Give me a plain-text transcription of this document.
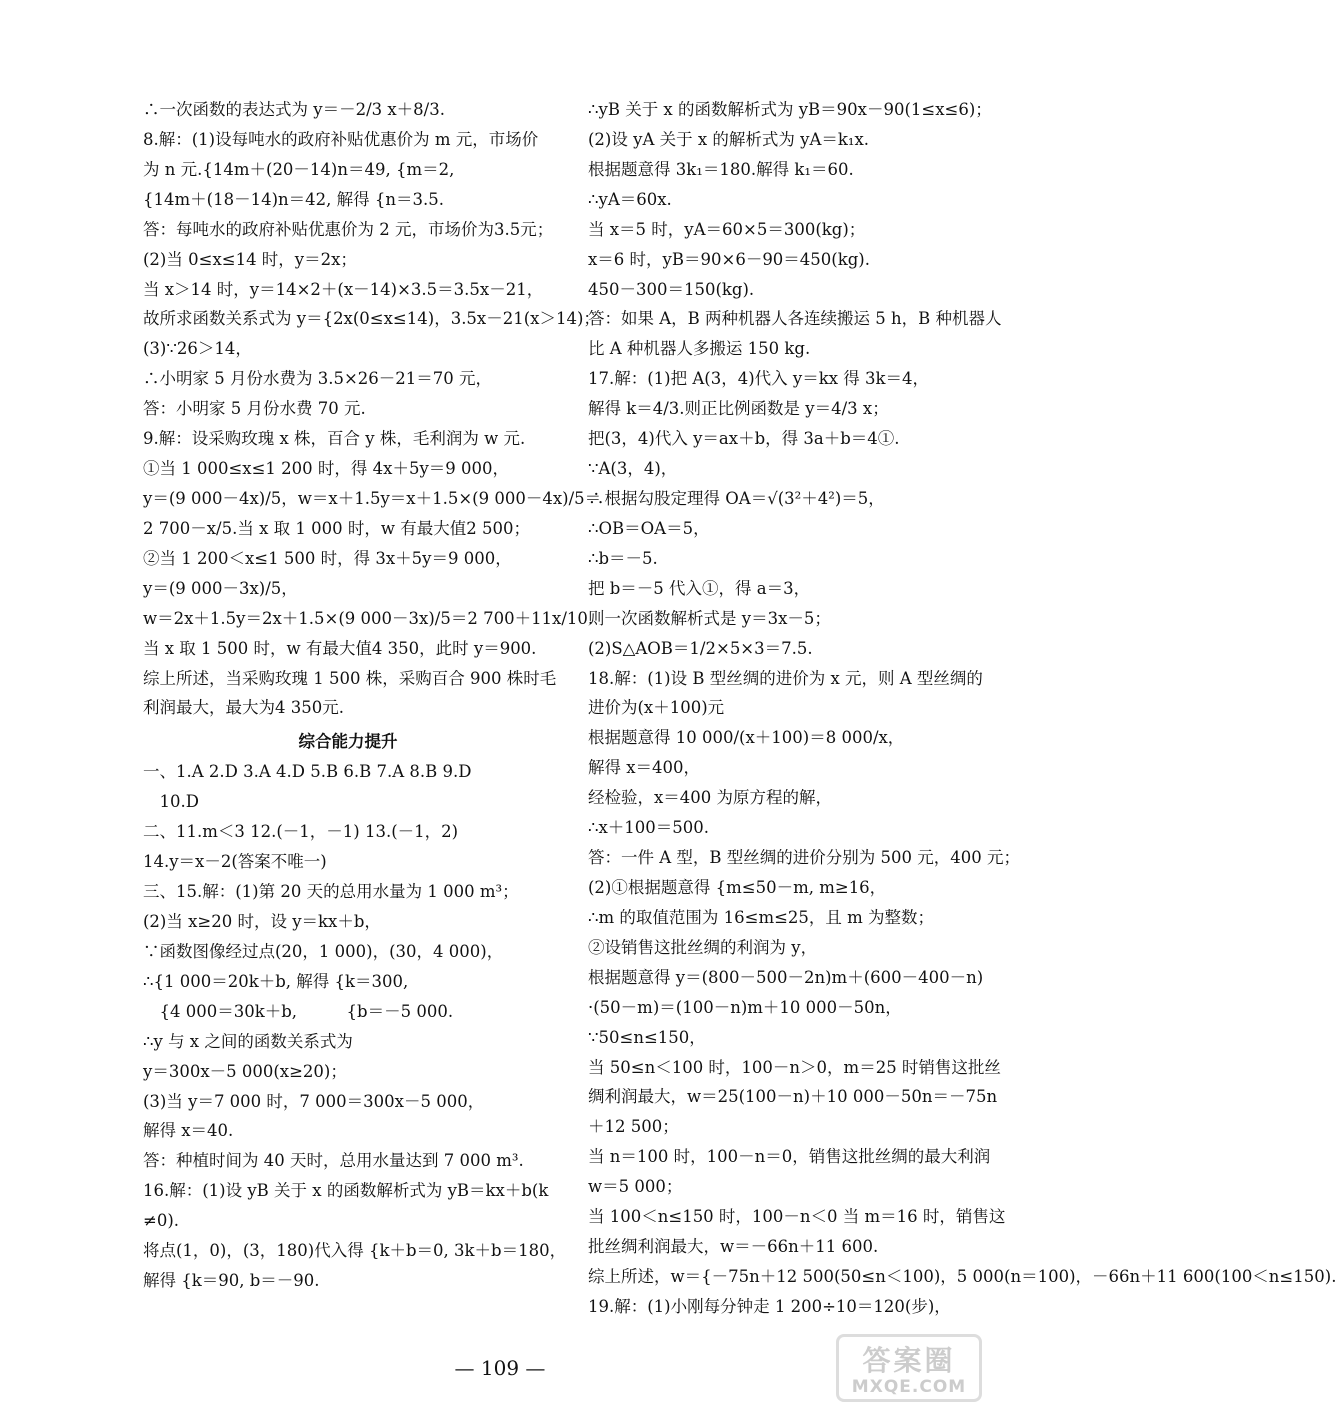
∴一次函数的表达式为 y＝－2/3 x＋8/3.
8.解：(1)设每吨水的政府补贴优惠价为 m 元，市场价
为 n 元.{14m＋(20－14)n＝49, {m＝2,
{14m＋(18－14)n＝42, 解得 {n＝3.5.
答：每吨水的政府补贴优惠价为 2 元，市场价为3.5元；
(2)当 0≤x≤14 时，y＝2x；
当 x＞14 时，y＝14×2＋(x－14)×3.5＝3.5x－21，
故所求函数关系式为 y＝{2x(0≤x≤14)，3.5x－21(x＞14)；
(3)∵26＞14，
∴小明家 5 月份水费为 3.5×26－21＝70 元，
答：小明家 5 月份水费 70 元.
9.解：设采购玫瑰 x 株，百合 y 株，毛利润为 w 元.
①当 1 000≤x≤1 200 时，得 4x＋5y＝9 000，
y＝(9 000－4x)/5，w＝x＋1.5y＝x＋1.5×(9 000－4x)/5＝
2 700－x/5.当 x 取 1 000 时，w 有最大值2 500；
②当 1 200＜x≤1 500 时，得 3x＋5y＝9 000，
y＝(9 000－3x)/5，
w＝2x＋1.5y＝2x＋1.5×(9 000－3x)/5＝2 700＋11x/10.
当 x 取 1 500 时，w 有最大值4 350，此时 y＝900.
综上所述，当采购玫瑰 1 500 株，采购百合 900 株时毛
利润最大，最大为4 350元.
综合能力提升
一、1.A 2.D 3.A 4.D 5.B 6.B 7.A 8.B 9.D
　10.D
二、11.m＜3 12.(－1，－1) 13.(－1，2)
14.y＝x－2(答案不唯一)
三、15.解：(1)第 20 天的总用水量为 1 000 m³；
(2)当 x≥20 时，设 y＝kx＋b，
∵函数图像经过点(20，1 000)，(30，4 000)，
∴{1 000＝20k＋b, 解得 {k＝300,
　{4 000＝30k＋b,　　　{b＝－5 000.
∴y 与 x 之间的函数关系式为
y＝300x－5 000(x≥20)；
(3)当 y＝7 000 时，7 000＝300x－5 000，
解得 x＝40.
答：种植时间为 40 天时，总用水量达到 7 000 m³.
16.解：(1)设 yB 关于 x 的函数解析式为 yB＝kx＋b(k
≠0).
将点(1，0)，(3，180)代入得 {k＋b＝0, 3k＋b＝180，
解得 {k＝90, b＝－90.
∴yB 关于 x 的函数解析式为 yB＝90x－90(1≤x≤6)；
(2)设 yA 关于 x 的解析式为 yA＝k₁x.
根据题意得 3k₁＝180.解得 k₁＝60.
∴yA＝60x.
当 x＝5 时，yA＝60×5＝300(kg)；
x＝6 时，yB＝90×6－90＝450(kg).
450－300＝150(kg).
答：如果 A，B 两种机器人各连续搬运 5 h，B 种机器人
比 A 种机器人多搬运 150 kg.
17.解：(1)把 A(3，4)代入 y＝kx 得 3k＝4，
解得 k＝4/3.则正比例函数是 y＝4/3 x；
把(3，4)代入 y＝ax＋b，得 3a＋b＝4①.
∵A(3，4)，
∴根据勾股定理得 OA＝√(3²＋4²)＝5，
∴OB＝OA＝5，
∴b＝－5.
把 b＝－5 代入①，得 a＝3，
则一次函数解析式是 y＝3x－5；
(2)S△AOB＝1/2×5×3＝7.5.
18.解：(1)设 B 型丝绸的进价为 x 元，则 A 型丝绸的
进价为(x＋100)元
根据题意得 10 000/(x＋100)＝8 000/x，
解得 x＝400，
经检验，x＝400 为原方程的解，
∴x＋100＝500.
答：一件 A 型，B 型丝绸的进价分别为 500 元，400 元；
(2)①根据题意得 {m≤50－m, m≥16，
∴m 的取值范围为 16≤m≤25，且 m 为整数；
②设销售这批丝绸的利润为 y，
根据题意得 y＝(800－500－2n)m＋(600－400－n)
·(50－m)＝(100－n)m＋10 000－50n，
∵50≤n≤150，
当 50≤n＜100 时，100－n＞0，m＝25 时销售这批丝
绸利润最大，w＝25(100－n)＋10 000－50n＝－75n
＋12 500；
当 n＝100 时，100－n＝0，销售这批丝绸的最大利润
w＝5 000；
当 100＜n≤150 时，100－n＜0 当 m＝16 时，销售这
批丝绸利润最大，w＝－66n＋11 600.
综上所述，w＝{－75n＋12 500(50≤n＜100)，5 000(n＝100)，－66n＋11 600(100＜n≤150).
19.解：(1)小刚每分钟走 1 200÷10＝120(步)，
— 109 —	答案圈
MXQE.COM
